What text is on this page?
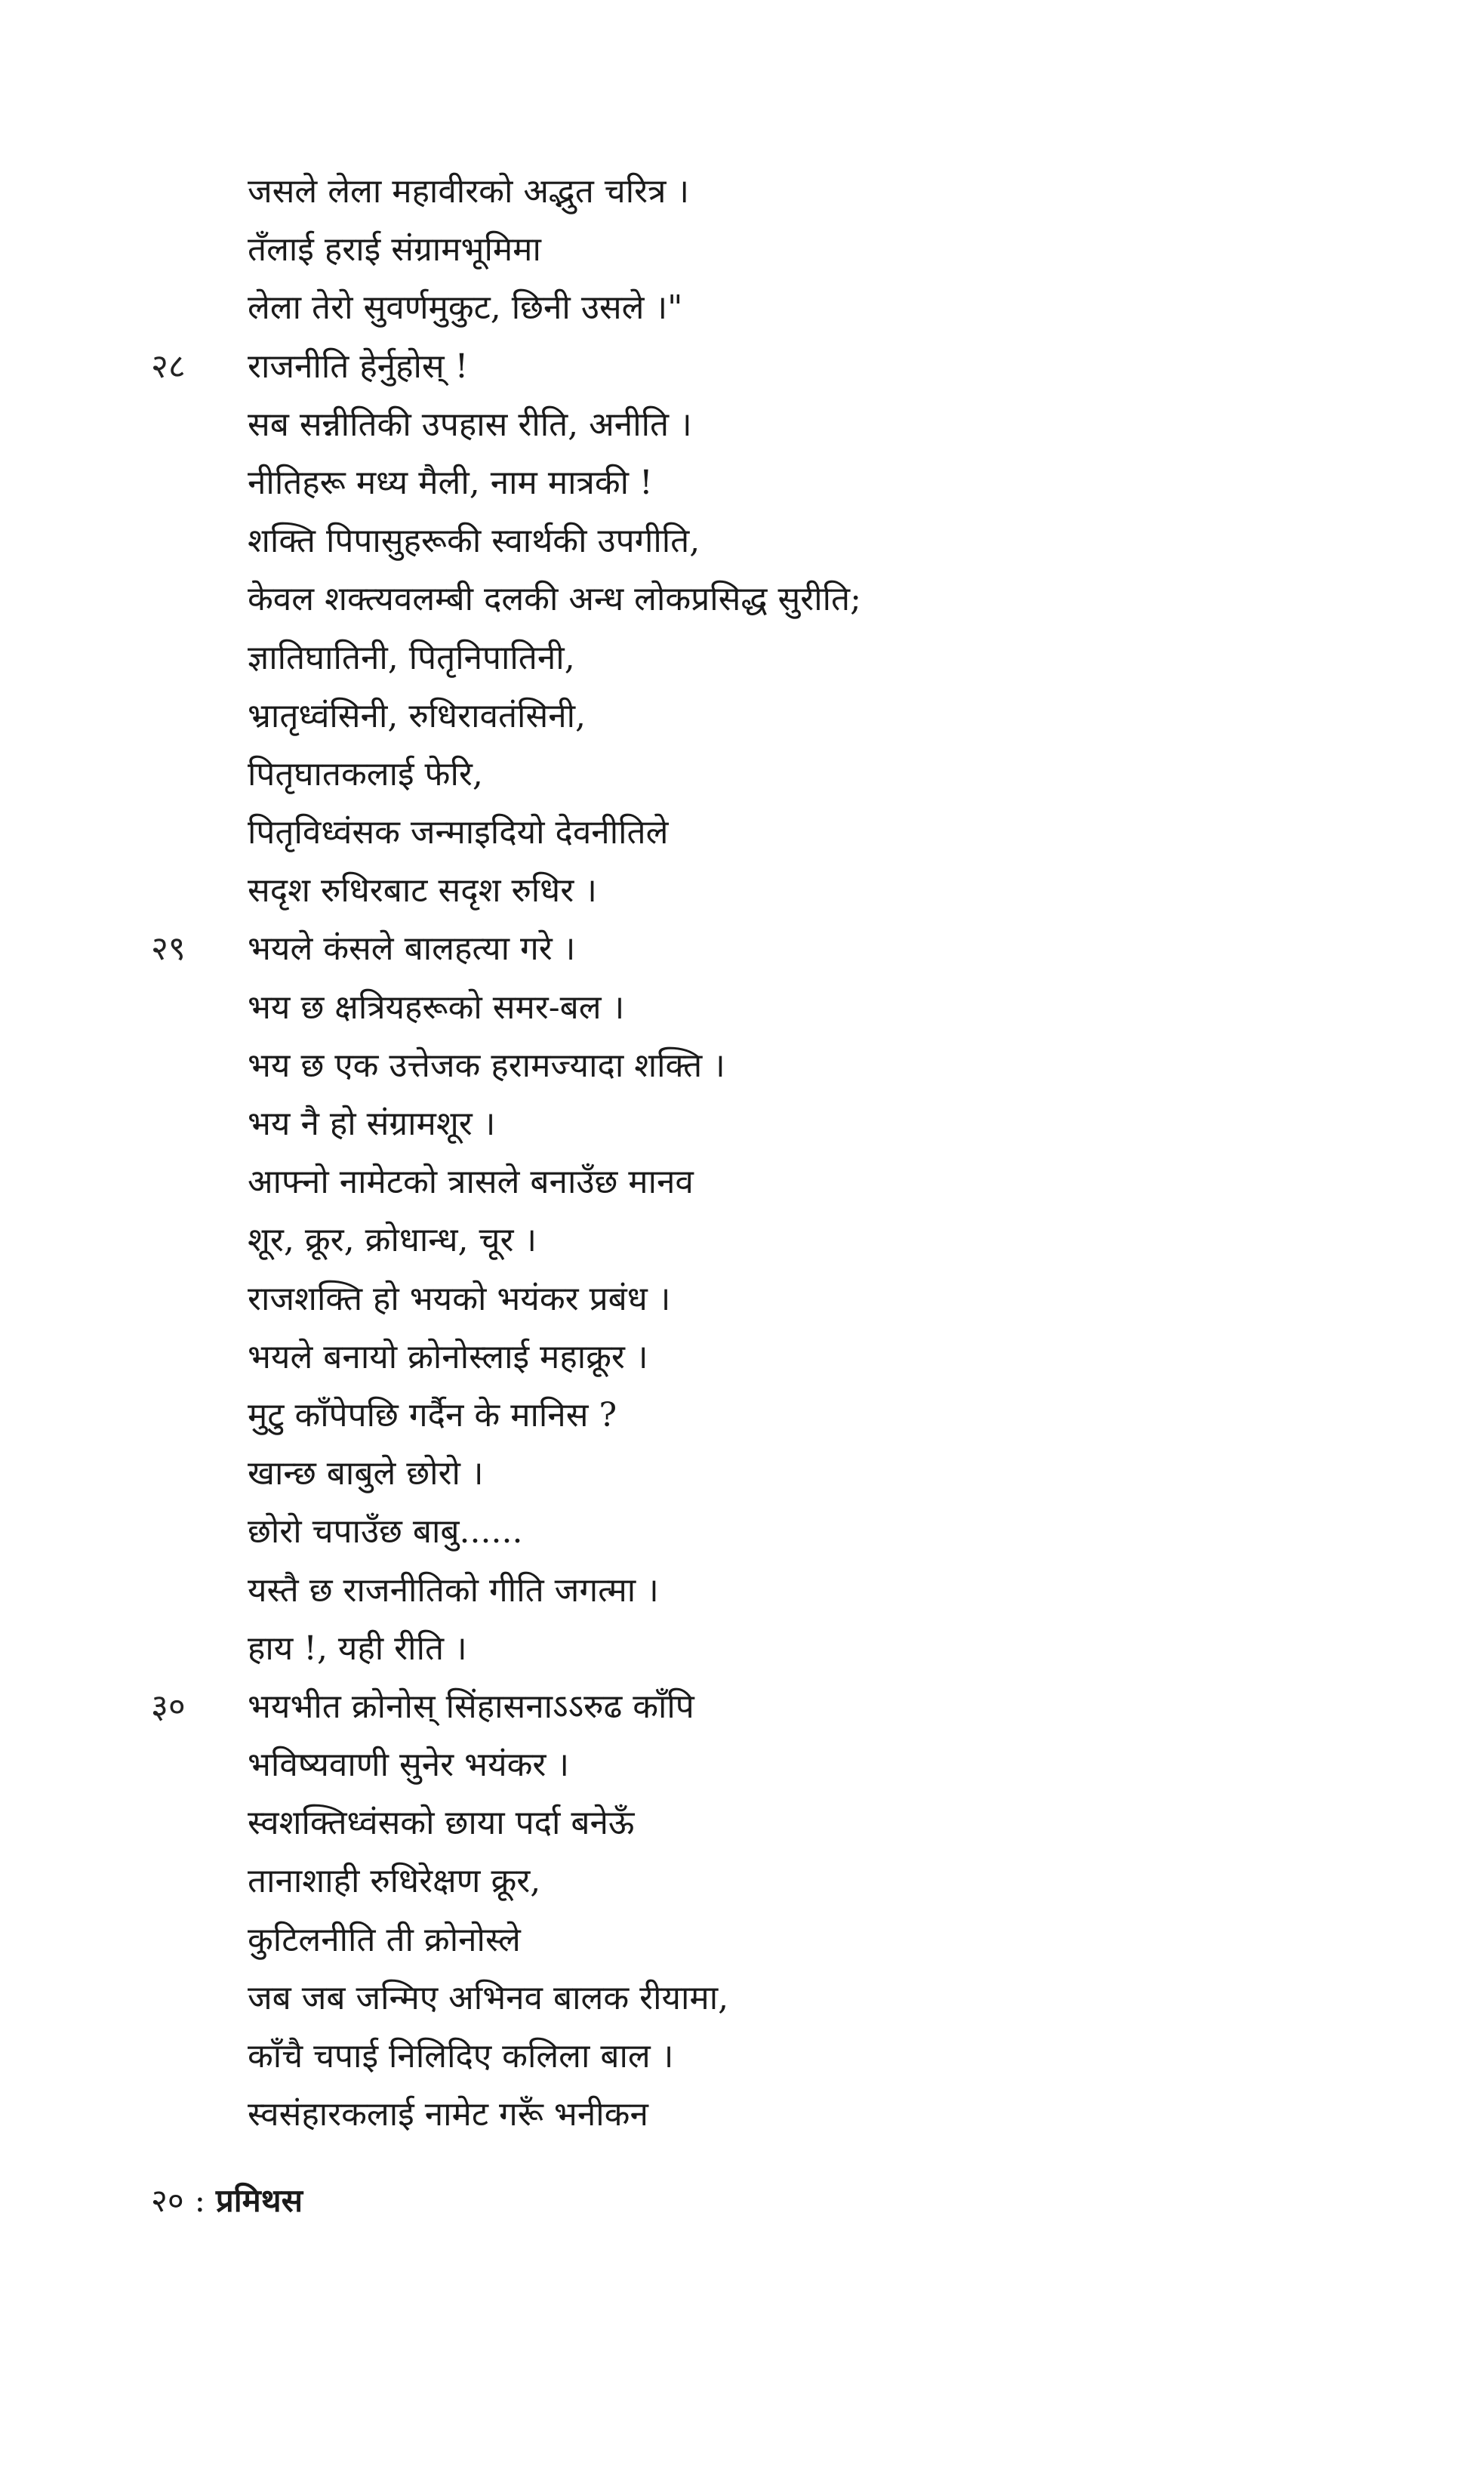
जसले लेला महावीरको अद्भुत चरित्र ।
तँलाई हराई संग्रामभूमिमा
लेला तेरो सुवर्णमुकुट, छिनी उसले ।"
२८	राजनीति हेर्नुहोस् !
सब सन्नीतिकी उपहास रीति, अनीति ।
नीतिहरू मध्य मैली, नाम मात्रकी !
शक्ति पिपासुहरूकी स्वार्थकी उपगीति,
केवल शक्त्यवलम्बी दलकी अन्ध लोकप्रसिद्ध सुरीति;
ज्ञातिघातिनी, पितृनिपातिनी,
भ्रातृध्वंसिनी, रुधिरावतंसिनी,
पितृघातकलाई फेरि,
पितृविध्वंसक जन्माइदियो देवनीतिले
सदृश रुधिरबाट सदृश रुधिर ।
२९	भयले कंसले बालहत्या गरे ।
भय छ क्षत्रियहरूको समर-बल ।
भय छ एक उत्तेजक हरामज्यादा शक्ति ।
भय नै हो संग्रामशूर ।
आफ्नो नामेटको त्रासले बनाउँछ मानव
शूर, क्रूर, क्रोधान्ध, चूर ।
राजशक्ति हो भयको भयंकर प्रबंध ।
भयले बनायो क्रोनोस्लाई महाक्रूर ।
मुटु काँपेपछि गर्दैन के मानिस ?
खान्छ बाबुले छोरो ।
छोरो चपाउँछ बाबु......
यस्तै छ राजनीतिको गीति जगत्मा ।
हाय !, यही रीति ।
३०	भयभीत क्रोनोस् सिंहासनाऽऽरुढ काँपि
भविष्यवाणी सुनेर भयंकर ।
स्वशक्तिध्वंसको छाया पर्दा बनेऊँ
तानाशाही रुधिरेक्षण क्रूर,
कुटिलनीति ती क्रोनोस्ले
जब जब जन्मिए अभिनव बालक रीयामा,
काँचै चपाई निलिदिए कलिला बाल ।
स्वसंहारकलाई नामेट गरूँ भनीकन
२० : प्रमिथस
